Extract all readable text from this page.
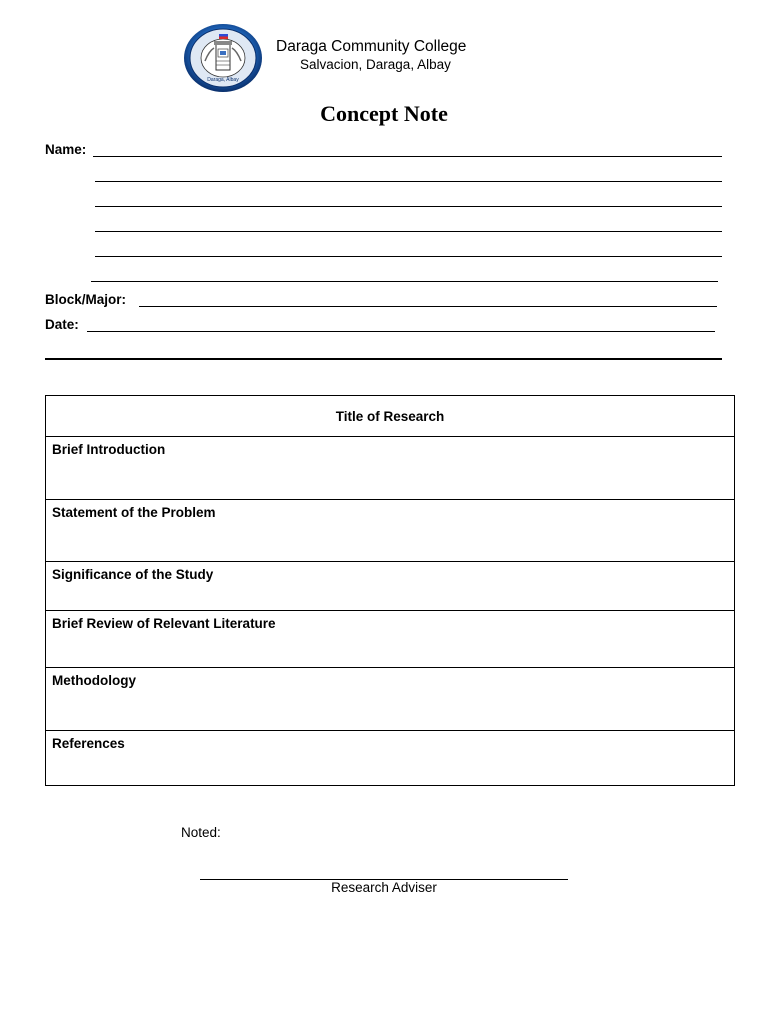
Daraga, Albay
Daraga Community College
Salvacion, Daraga, Albay
Concept Note
Name:
Block/Major:
Date:
Title of Research

Brief Introduction

Statement of the Problem

Significance of the Study

Brief Review of Relevant Literature

Methodology

References
Noted:
Research Adviser
